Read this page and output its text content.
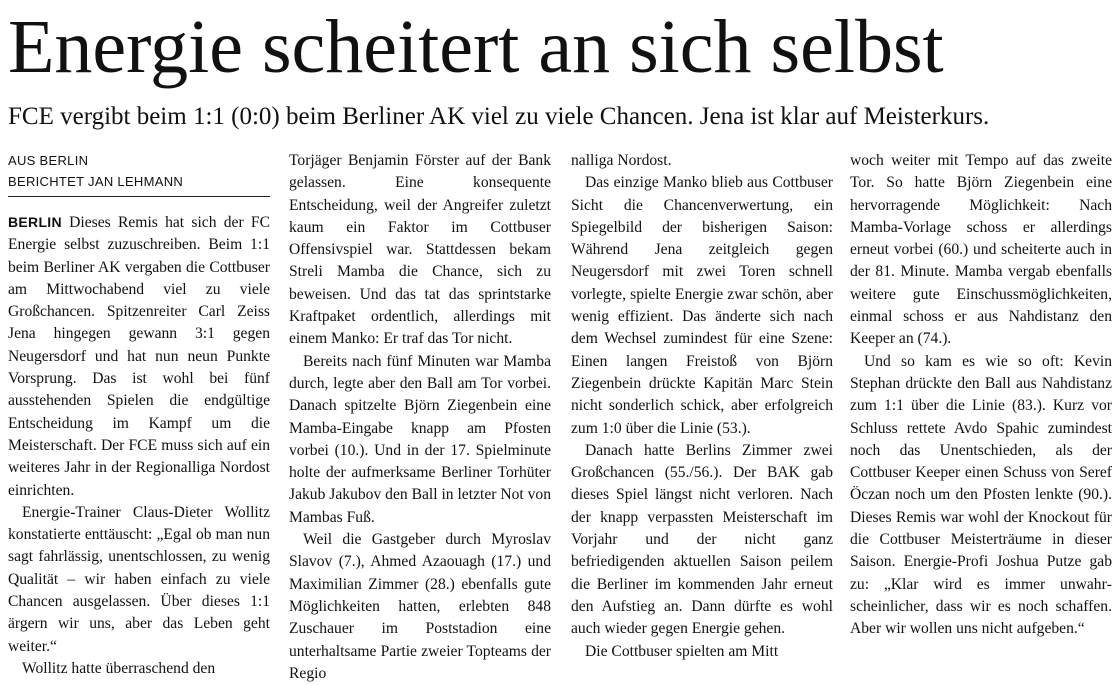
Energie scheitert an sich selbst
FCE vergibt beim 1:1 (0:0) beim Berliner AK viel zu viele Chancen. Jena ist klar auf Meisterkurs.
AUS BERLIN
BERICHTET JAN LEHMANN

BERLIN Dieses Remis hat sich der FC Energie selbst zuzuschreiben. Beim 1:1 beim Berliner AK vergaben die Cottbuser am Mittwochabend viel zu viele Großchancen. Spitzenreiter Carl Zeiss Jena hingegen gewann 3:1 gegen Neugersdorf und hat nun neun Punkte Vorsprung. Das ist wohl bei fünf ausstehenden Spielen die endgültige Entscheidung im Kampf um die Meisterschaft. Der FCE muss sich auf ein weiteres Jahr in der Regionalliga Nordost einrichten.

Energie-Trainer Claus-Dieter Wollitz konstatierte enttäuscht: „Egal ob man nun sagt fahrlässig, unentschlossen, zu wenig Qualität – wir haben einfach zu viele Chancen ausgelassen. Über dieses 1:1 ärgern wir uns, aber das Leben geht weiter.“

Wollitz hatte überraschend den

Torjäger Benjamin Förster auf der Bank gelassen. Eine konsequente Entscheidung, weil der Angreifer zuletzt kaum ein Faktor im Cottbuser Offensivspiel war. Stattdessen bekam Streli Mamba die Chance, sich zu beweisen. Und das tat das sprintstarke Kraftpaket ordentlich, allerdings mit einem Manko: Er traf das Tor nicht.

Bereits nach fünf Minuten war Mamba durch, legte aber den Ball am Tor vorbei. Danach spitzelte Björn Ziegenbein eine Mamba-Eingabe knapp am Pfosten vorbei (10.). Und in der 17. Spielminute holte der aufmerksame Berliner Torhüter Jakub Jakubov den Ball in letzter Not von Mambas Fuß.

Weil die Gastgeber durch Myroslav Slavov (7.), Ahmed Azaouagh (17.) und Maximilian Zimmer (28.) ebenfalls gute Möglichkeiten hatten, erlebten 848 Zuschauer im Poststadion eine unterhaltsame Partie zweier Topteams der Regio

nalliga Nordost.

Das einzige Manko blieb aus Cottbuser Sicht die Chancenverwertung, ein Spiegelbild der bisherigen Saison: Während Jena zeitgleich gegen Neugersdorf mit zwei Toren schnell vorlegte, spielte Energie zwar schön, aber wenig effizient. Das änderte sich nach dem Wechsel zumindest für eine Szene: Einen langen Freistoß von Björn Ziegenbein drückte Kapitän Marc Stein nicht sonderlich schick, aber erfolgreich zum 1:0 über die Linie (53.).

Danach hatte Berlins Zimmer zwei Großchancen (55./56.). Der BAK gab dieses Spiel längst nicht verloren. Nach der knapp verpassten Meisterschaft im Vorjahr und der nicht ganz befriedigenden aktuellen Saison peilem die Berliner im kommenden Jahr erneut den Aufstieg an. Dann dürfte es wohl auch wieder gegen Energie gehen.

Die Cottbuser spielten am Mitt

woch weiter mit Tempo auf das zweite Tor. So hatte Björn Ziegenbein eine hervorragende Möglichkeit: Nach Mamba-Vorlage schoss er allerdings erneut vorbei (60.) und scheiterte auch in der 81. Minute. Mamba vergab ebenfalls weitere gute Einschussmöglichkeiten, einmal schoss er aus Nahdistanz den Keeper an (74.).

Und so kam es wie so oft: Kevin Stephan drückte den Ball aus Nahdistanz zum 1:1 über die Linie (83.). Kurz vor Schluss rettete Avdo Spahic zumindest noch das Unentschieden, als der Cottbuser Keeper einen Schuss von Seref Öczan noch um den Pfosten lenkte (90.). Dieses Remis war wohl der Knockout für die Cottbuser Meisterträume in dieser Saison. Energie-Profi Joshua Putze gab zu: „Klar wird es immer unwahrscheinlicher, dass wir es noch schaffen. Aber wir wollen uns nicht aufgeben.“
